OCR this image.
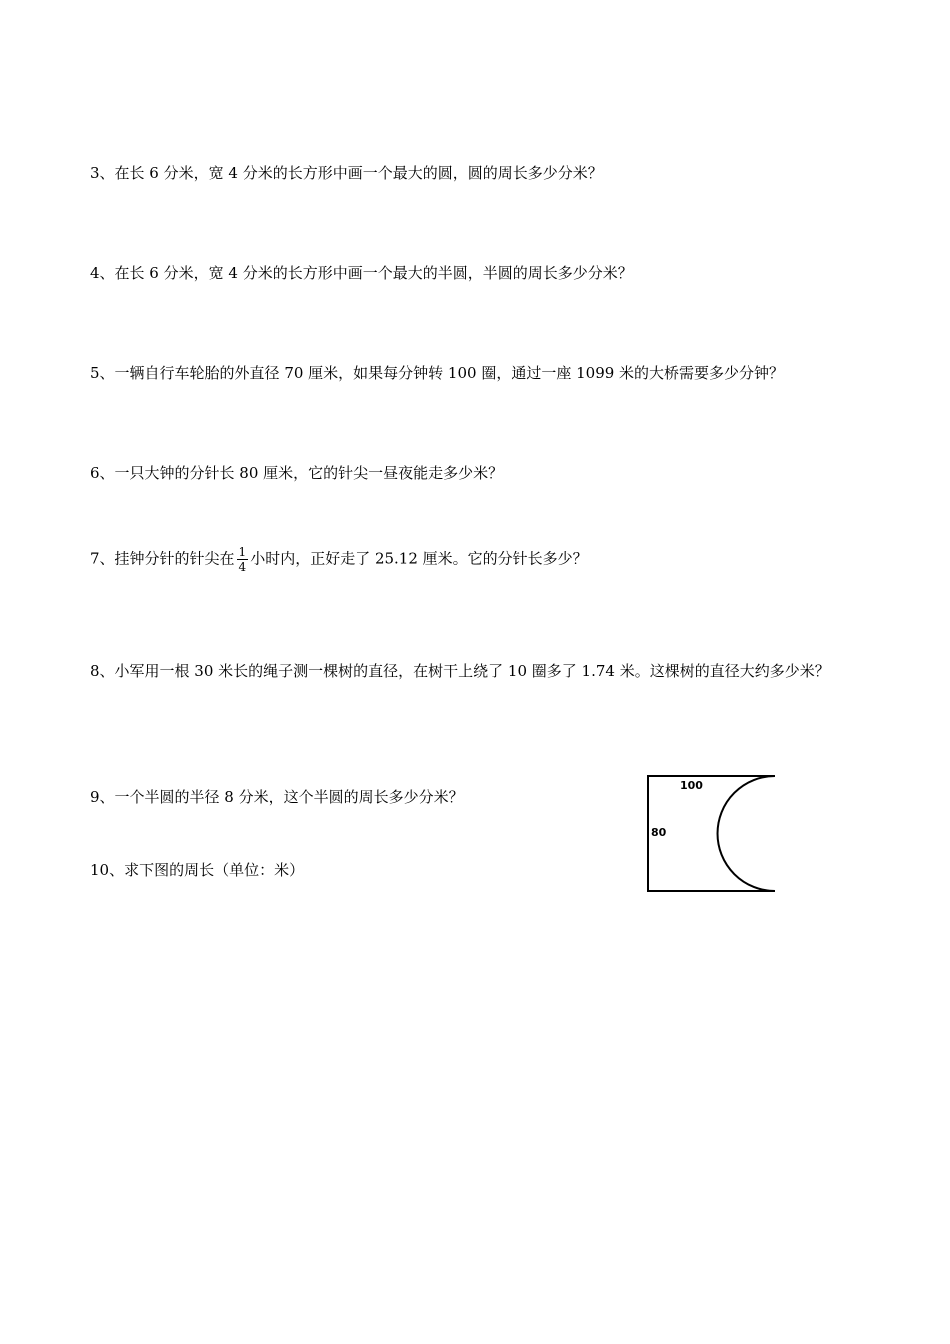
3、在长 6 分米，宽 4 分米的长方形中画一个最大的圆，圆的周长多少分米？
4、在长 6 分米，宽 4 分米的长方形中画一个最大的半圆，半圆的周长多少分米？
5、一辆自行车轮胎的外直径 70 厘米，如果每分钟转 100 圈，通过一座 1099 米的大桥需要多少分钟？
6、一只大钟的分针长 80 厘米，它的针尖一昼夜能走多少米？
7、挂钟分针的针尖在 $\frac{1}{4}$ 小时内，正好走了 25.12 厘米。它的分针长多少？
8、小军用一根 30 米长的绳子测一棵树的直径，在树干上绕了 10 圈多了 1.74 米。这棵树的直径大约多少米？
9、一个半圆的半径 8 分米，这个半圆的周长多少分米？
10、求下图的周长（单位：米）
100
80
